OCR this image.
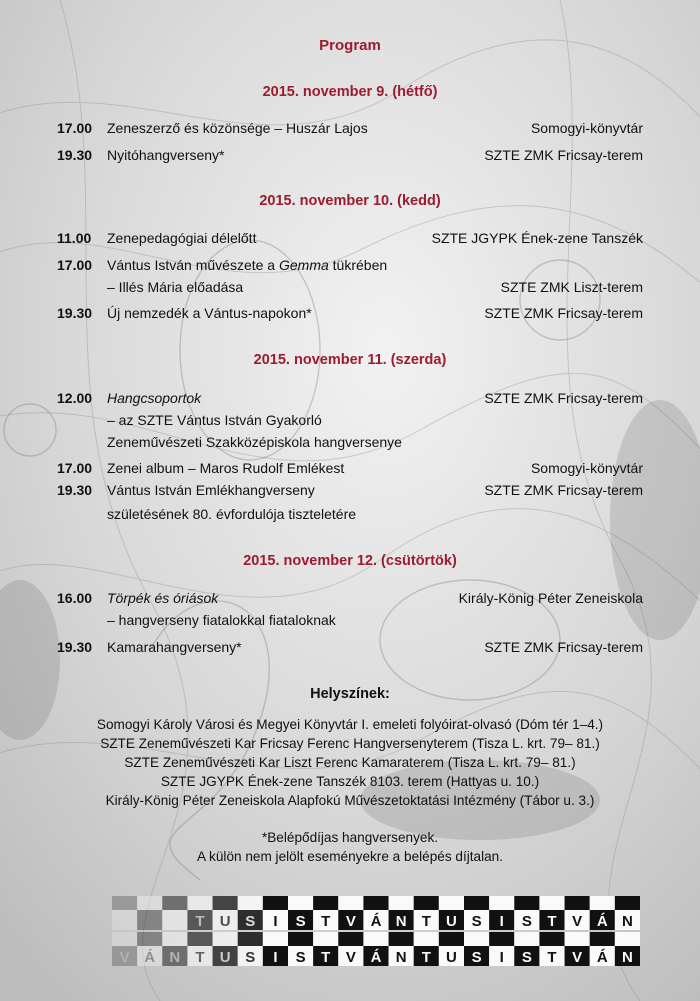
Program
2015. november 9. (hétfő)
17.00 Zeneszerző és közönsége – Huszár Lajos	Somogyi-könyvtár
19.30 Nyitóhangverseny*	SZTE ZMK Fricsay-terem
2015. november 10. (kedd)
11.00 Zenepedagógiai délelőtt	SZTE JGYPK Ének-zene Tanszék
17.00 Vántus István művészete a Gemma tükrében
– Illés Mária előadása	SZTE ZMK Liszt-terem
19.30 Új nemzedék a Vántus-napokon*	SZTE ZMK Fricsay-terem
2015. november 11. (szerda)
12.00 Hangcsoportok	SZTE ZMK Fricsay-terem
– az SZTE Vántus István Gyakorló
Zeneművészeti Szakközépiskola hangversenye
17.00 Zenei album – Maros Rudolf Emlékest	Somogyi-könyvtár
19.30 Vántus István Emlékhangverseny	SZTE ZMK Fricsay-terem
születésének 80. évfordulója tiszteletére
2015. november 12. (csütörtök)
16.00 Törpék és óriások	Király-König Péter Zeneiskola
– hangverseny fiatalokkal fiataloknak
19.30 Kamarahangverseny*	SZTE ZMK Fricsay-terem
Helyszínek:
Somogyi Károly Városi és Megyei Könyvtár I. emeleti folyóirat-olvasó (Dóm tér 1–4.)
SZTE Zeneművészeti Kar Fricsay Ferenc Hangversenyterem (Tisza L. krt. 79– 81.)
SZTE Zeneművészeti Kar Liszt Ferenc Kamaraterem (Tisza L. krt. 79– 81.)
SZTE JGYPK Ének-zene Tanszék 8103. terem (Hattyas u. 10.)
Király-König Péter Zeneiskola Alapfokú Művészetoktatási Intézmény (Tábor u. 3.)
*Belépődíjas hangversenyek.
A külön nem jelölt eseményekre a belépés díjtalan.
T U S I S T V Á N T U S I S T V Á N
V Á N T U S I S T V Á N T U S I S T V Á N
